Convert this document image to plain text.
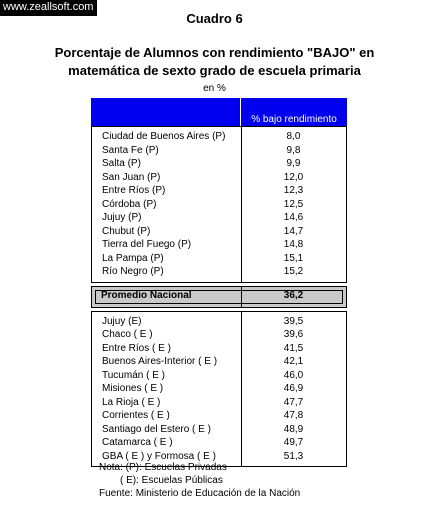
www.zeallsoft.com
Cuadro 6
Porcentaje de Alumnos con rendimiento "BAJO" en
matemática de sexto grado de escuela primaria
en %
% bajo rendimiento
Ciudad de Buenos Aires (P)	8,0
Santa Fe (P)	9,8
Salta (P)	9,9
San Juan (P)	12,0
Entre Ríos (P)	12,3
Córdoba (P)	12,5
Jujuy (P)	14,6
Chubut (P)	14,7
Tierra del Fuego (P)	14,8
La Pampa (P)	15,1
Río Negro (P)	15,2
Promedio Nacional	36,2
Jujuy (E)	39,5
Chaco ( E )	39,6
Entre Ríos ( E )	41,5
Buenos Aires-Interior ( E )	42,1
Tucumán ( E )	46,0
Misiones ( E )	46,9
La Rioja ( E )	47,7
Corrientes ( E )	47,8
Santiago del Estero ( E )	48,9
Catamarca ( E )	49,7
GBA ( E ) y Formosa ( E )	51,3
Nota: (P): Escuelas Privadas
( E): Escuelas Públicas
Fuente: Ministerio de Educación de la Nación
